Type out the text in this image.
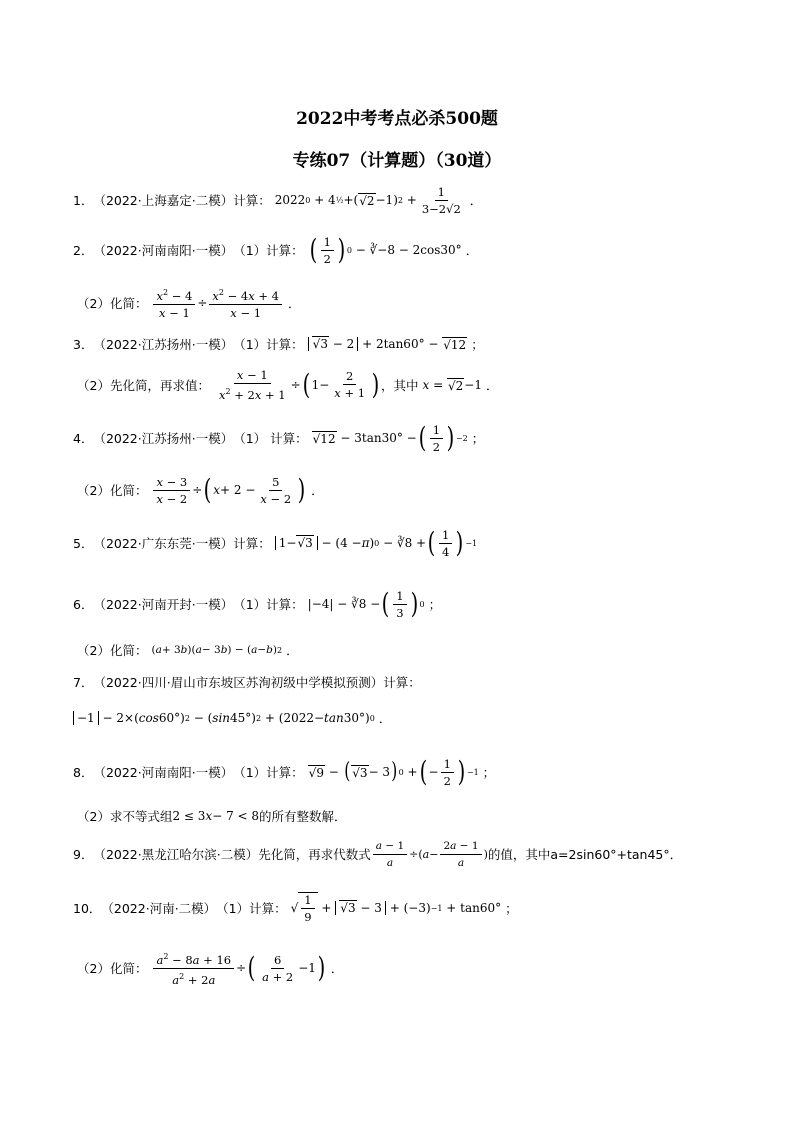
2022中考考点必杀500题
专练07（计算题）（30道）
1． （2022·上海嘉定·二模） 计算： 2022 0 + 4 ½ +( √2 −1) $2 + \frac{1}{3-2√2}$ ．
2． （2022·河南南阳·一模） （1）计算： ( $\frac{1}{2}$ ) 0 − ∛−8 − 2cos30° ．
（2）化简： $\frac{x^2 - 4}{x - 1} \div \frac{x^2 - 4x + 4}{x - 1}$ ．
3． （2022·江苏扬州·一模） （1）计算： √3 − 2 + 2tan60° − √12 ；
（2）先化简，再求值： $\frac{x - 1}{x^2 + 2x + 1}$ ÷ ( $1- \frac{2}{x + 1}$ ) ，其中 x = √2 −1 ．
4． （2022·江苏扬州·一模） （1） 计算： √12 − 3tan30° − ( $\frac{1}{2}$ ) −2 ；
（2）化简： $\frac{x - 3}{x - 2}$ ÷ ( $x + 2 - \frac{5}{x - 2}$ ) ．
5． （2022·广东东莞·一模） 计算： 1−√3 − (4 − π ) 0 − ∛8 + ( $\frac{1}{4}$ ) −1
6． （2022·河南开封·一模） （1）计算： |−4| − ∛8 − ( $\frac{1}{3}$ ) 0 ；
（2）化简： ( a + 3 b )( a − 3 b ) − ( a − b ) 2 ．
7． （2022·四川·眉山市东坡区苏洵初级中学模拟预测） 计算：
−1 − 2×( cos 60°) 2 − ( sin 45°) 2 + (2022− tan 30°) 0 ．
8． （2022·河南南阳·一模） （1）计算： √9 − ( √3 − 3 ) 0 + ( − $\frac{1}{2}$ ) −1 ；
（2）求不等式组 2 ≤ 3 x − 7 < 8 的所有整数解．
9． （2022·黑龙江哈尔滨·二模） 先化简，再求代数式 $\frac{a - 1}{a}$ ÷( $a - \frac{2a - 1}{a}$ ) 的值，其中 a=2sin60°+tan45°．
10． （2022·河南·二模） （1）计算： √ $\frac{1}{9} + √3 - 3 + (-3) -1 + \tan 60^\circ$ ；
（2）化简： $\frac{a^2 - 8a + 16}{a^2 + 2a}$ ÷ ( $\frac{6}{a + 2} -1$ ) ．
